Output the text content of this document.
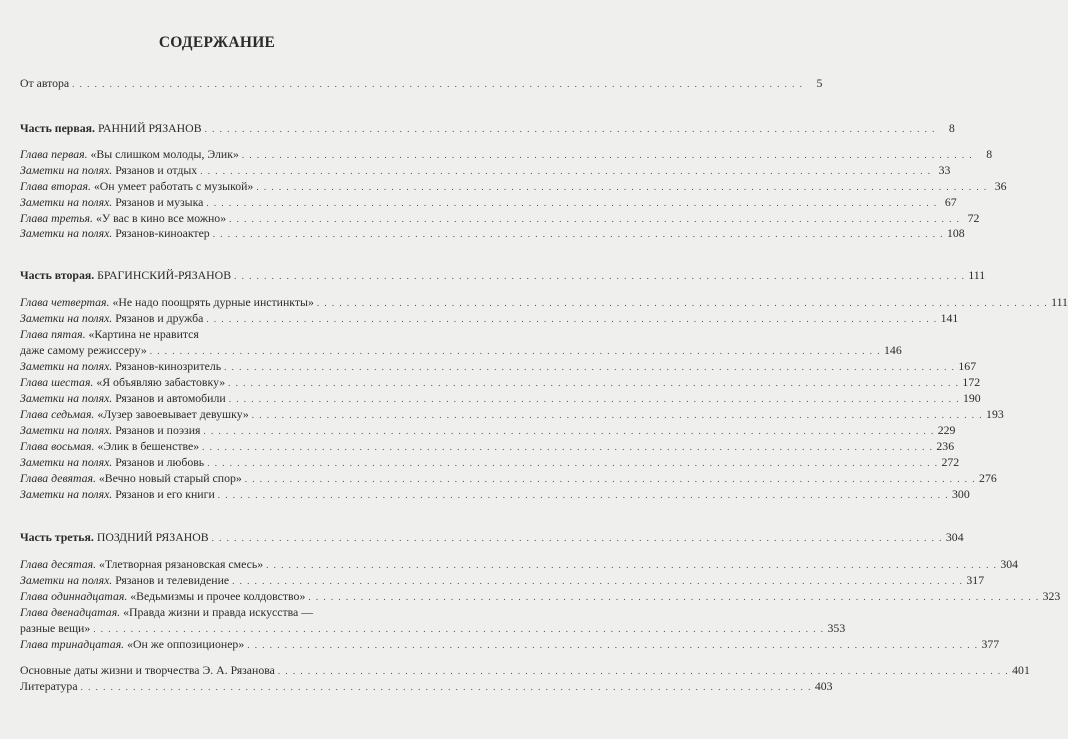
СОДЕРЖАНИЕ
От автора . . .	5
Часть первая. РАННИЙ РЯЗАНОВ . . .	8
Глава первая. «Вы слишком молоды, Элик» . . .	8
Заметки на полях. Рязанов и отдых . . .	33
Глава вторая. «Он умеет работать с музыкой» . . .	36
Заметки на полях. Рязанов и музыка . . .	67
Глава третья. «У вас в кино все можно» . . .	72
Заметки на полях. Рязанов-киноактер . . .	108
Часть вторая. БРАГИНСКИЙ-РЯЗАНОВ . . .	111
Глава четвертая. «Не надо поощрять дурные инстинкты» . . .	111
Заметки на полях. Рязанов и дружба . . .	141
Глава пятая. «Картина не нравится
даже самому режиссеру» . . .	146
Заметки на полях. Рязанов-кинозритель . . .	167
Глава шестая. «Я объявляю забастовку» . . .	172
Заметки на полях. Рязанов и автомобили . . .	190
Глава седьмая. «Лузер завоевывает девушку» . . .	193
Заметки на полях. Рязанов и поэзия . . .	229
Глава восьмая. «Элик в бешенстве» . . .	236
Заметки на полях. Рязанов и любовь . . .	272
Глава девятая. «Вечно новый старый спор» . . .	276
Заметки на полях. Рязанов и его книги . . .	300
Часть третья. ПОЗДНИЙ РЯЗАНОВ . . .	304
Глава десятая. «Тлетворная рязановская смесь» . . .	304
Заметки на полях. Рязанов и телевидение . . .	317
Глава одиннадцатая. «Ведьмизмы и прочее колдовство» . . .	323
Глава двенадцатая. «Правда жизни и правда искусства —
разные вещи» . . .	353
Глава тринадцатая. «Он же оппозиционер» . . .	377
Основные даты жизни и творчества Э. А. Рязанова . . .	401
Литература . . .	403
